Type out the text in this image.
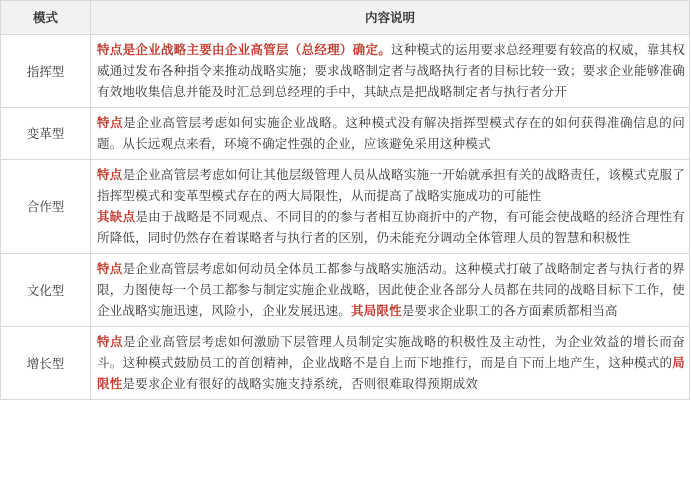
模式	内容说明
指挥型	特点是企业战略主要由企业高管层（总经理）确定。这种模式的运用要求总经理要有较高的权威，靠其权威通过发布各种指令来推动战略实施；要求战略制定者与战略执行者的目标比较一致；要求企业能够准确有效地收集信息并能及时汇总到总经理的手中，其缺点是把战略制定者与执行者分开

变革型	特点是企业高管层考虑如何实施企业战略。这种模式没有解决指挥型模式存在的如何获得准确信息的问题。从长远观点来看，环境不确定性强的企业，应该避免采用这种模式

合作型	特点是企业高管层考虑如何让其他层级管理人员从战略实施一开始就承担有关的战略责任，该模式克服了指挥型模式和变革型模式存在的两大局限性，从而提高了战略实施成功的可能性
其缺点是由于战略是不同观点、不同目的的参与者相互协商折中的产物，有可能会使战略的经济合理性有所降低，同时仍然存在着谋略者与执行者的区别，仍未能充分调动全体管理人员的智慧和积极性

文化型	特点是企业高管层考虑如何动员全体员工都参与战略实施活动。这种模式打破了战略制定者与执行者的界限，力图使每一个员工都参与制定实施企业战略，因此使企业各部分人员都在共同的战略目标下工作，使企业战略实施迅速，风险小，企业发展迅速。其局限性是要求企业职工的各方面素质都相当高

增长型	特点是企业高管层考虑如何激励下层管理人员制定实施战略的积极性及主动性，为企业效益的增长而奋斗。这种模式鼓励员工的首创精神，企业战略不是自上而下地推行，而是自下而上地产生，这种模式的局限性是要求企业有很好的战略实施支持系统，否则很难取得预期成效
